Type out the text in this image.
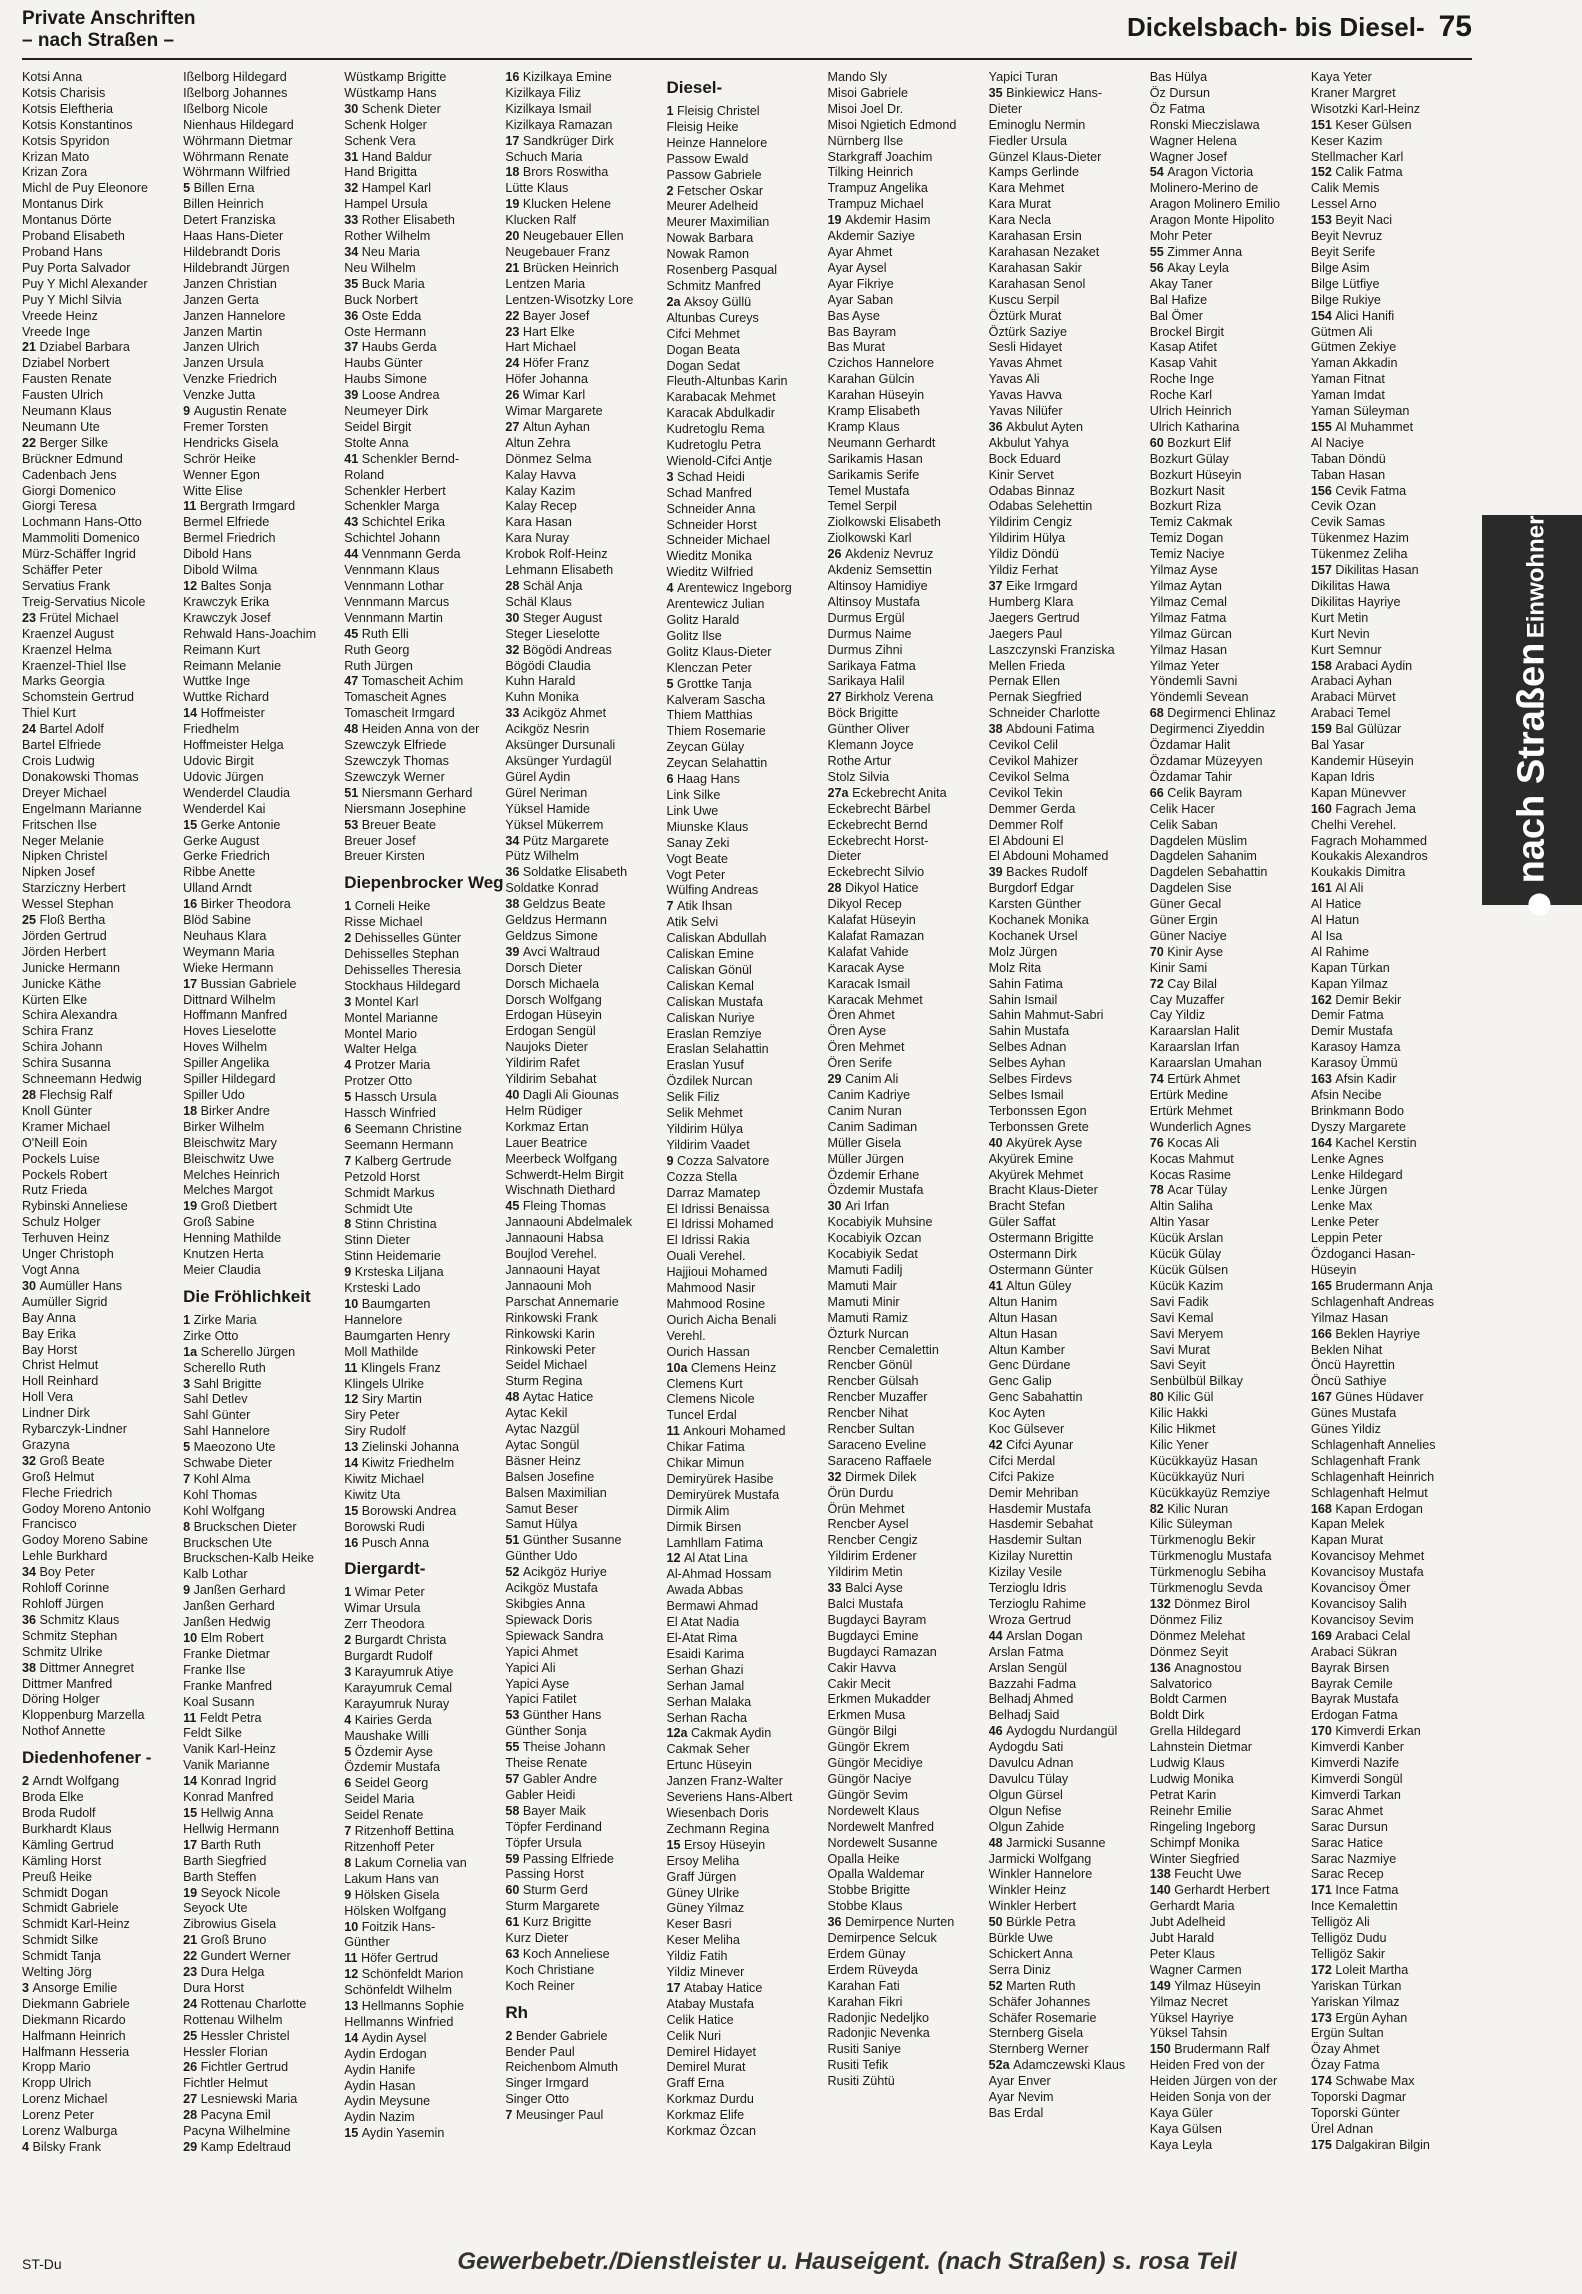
Private Anschriften
– nach Straßen –	Dickelsbach- bis Diesel- 75
Kotsi Anna
Kotsis Charisis
Kotsis Eleftheria
Kotsis Konstantinos
Kotsis Spyridon
Krizan Mato
Krizan Zora
Michl de Puy Eleonore
Montanus Dirk
Montanus Dörte
Proband Elisabeth
Proband Hans
Puy Porta Salvador
Puy Y Michl Alexander
Puy Y Michl Silvia
Vreede Heinz
Vreede Inge
21 Dziabel Barbara
Dziabel Norbert
Fausten Renate
Fausten Ulrich
Neumann Klaus
Neumann Ute
22 Berger Silke
Brückner Edmund
Cadenbach Jens
Giorgi Domenico
Giorgi Teresa
Lochmann Hans-Otto
Mammoliti Domenico
Mürz-Schäffer Ingrid
Schäffer Peter
Servatius Frank
Treig-Servatius Nicole
23 Frütel Michael
Kraenzel August
Kraenzel Helma
Kraenzel-Thiel Ilse
Marks Georgia
Schomstein Gertrud
Thiel Kurt
24 Bartel Adolf
Bartel Elfriede
Crois Ludwig
Donakowski Thomas
Dreyer Michael
Engelmann Marianne
Fritschen Ilse
Neger Melanie
Nipken Christel
Nipken Josef
Starziczny Herbert
Wessel Stephan
25 Floß Bertha
Jörden Gertrud
Jörden Herbert
Junicke Hermann
Junicke Käthe
Kürten Elke
Schira Alexandra
Schira Franz
Schira Johann
Schira Susanna
Schneemann Hedwig
28 Flechsig Ralf
Knoll Günter
Kramer Michael
O'Neill Eoin
Pockels Luise
Pockels Robert
Rutz Frieda
Rybinski Anneliese
Schulz Holger
Terhuven Heinz
Unger Christoph
Vogt Anna
30 Aumüller Hans
Aumüller Sigrid
Bay Anna
Bay Erika
Bay Horst
Christ Helmut
Holl Reinhard
Holl Vera
Lindner Dirk
Rybarczyk-Lindner
Grazyna
32 Groß Beate
Groß Helmut
Fleche Friedrich
Godoy Moreno Antonio
Francisco
Godoy Moreno Sabine
Lehle Burkhard
34 Boy Peter
Rohloff Corinne
Rohloff Jürgen
36 Schmitz Klaus
Schmitz Stephan
Schmitz Ulrike
38 Dittmer Annegret
Dittmer Manfred
Döring Holger
Kloppenburg Marzella
Nothof Annette
Diedenhofener -
2 Arndt Wolfgang
Broda Elke
Broda Rudolf
Burkhardt Klaus
Kämling Gertrud
Kämling Horst
Preuß Heike
Schmidt Dogan
Schmidt Gabriele
Schmidt Karl-Heinz
Schmidt Silke
Schmidt Tanja
Welting Jörg
3 Ansorge Emilie
Diekmann Gabriele
Diekmann Ricardo
Halfmann Heinrich
Halfmann Hesseria
Kropp Mario
Kropp Ulrich
Lorenz Michael
Lorenz Peter
Lorenz Walburga
4 Bilsky Frank
Ißelborg Hildegard
Ißelborg Johannes
Ißelborg Nicole
Nienhaus Hildegard
Wöhrmann Dietmar
Wöhrmann Renate
Wöhrmann Wilfried
5 Billen Erna
Billen Heinrich
Detert Franziska
Haas Hans-Dieter
Hildebrandt Doris
Hildebrandt Jürgen
Janzen Christian
Janzen Gerta
Janzen Hannelore
Janzen Martin
Janzen Ulrich
Janzen Ursula
Venzke Friedrich
Venzke Jutta
9 Augustin Renate
Fremer Torsten
Hendricks Gisela
Schrör Heike
Wenner Egon
Witte Elise
11 Bergrath Irmgard
Bermel Elfriede
Bermel Friedrich
Dibold Hans
Dibold Wilma
12 Baltes Sonja
Krawczyk Erika
Krawczyk Josef
Rehwald Hans-Joachim
Reimann Kurt
Reimann Melanie
Wuttke Inge
Wuttke Richard
14 Hoffmeister
Friedhelm
Hoffmeister Helga
Udovic Birgit
Udovic Jürgen
Wenderdel Claudia
Wenderdel Kai
15 Gerke Antonie
Gerke August
Gerke Friedrich
Ribbe Anette
Ulland Arndt
16 Birker Theodora
Blöd Sabine
Neuhaus Klara
Weymann Maria
Wieke Hermann
17 Bussian Gabriele
Dittnard Wilhelm
Hoffmann Manfred
Hoves Lieselotte
Hoves Wilhelm
Spiller Angelika
Spiller Hildegard
Spiller Udo
18 Birker Andre
Birker Wilhelm
Bleischwitz Mary
Bleischwitz Uwe
Melches Heinrich
Melches Margot
19 Groß Dietbert
Groß Sabine
Henning Mathilde
Knutzen Herta
Meier Claudia
Die Fröhlichkeit
1 Zirke Maria
Zirke Otto
1a Scherello Jürgen
Scherello Ruth
3 Sahl Brigitte
Sahl Detlev
Sahl Günter
Sahl Hannelore
5 Maeozono Ute
Schwabe Dieter
7 Kohl Alma
Kohl Thomas
Kohl Wolfgang
8 Bruckschen Dieter
Bruckschen Ute
Bruckschen-Kalb Heike
Kalb Lothar
9 Janßen Gerhard
Janßen Gerhard
Janßen Hedwig
10 Elm Robert
Franke Dietmar
Franke Ilse
Franke Manfred
Koal Susann
11 Feldt Petra
Feldt Silke
Vanik Karl-Heinz
Vanik Marianne
14 Konrad Ingrid
Konrad Manfred
15 Hellwig Anna
Hellwig Hermann
17 Barth Ruth
Barth Siegfried
Barth Steffen
19 Seyock Nicole
Seyock Ute
Zibrowius Gisela
21 Groß Bruno
22 Gundert Werner
23 Dura Helga
Dura Horst
24 Rottenau Charlotte
Rottenau Wilhelm
25 Hessler Christel
Hessler Florian
26 Fichtler Gertrud
Fichtler Helmut
27 Lesniewski Maria
28 Pacyna Emil
Pacyna Wilhelmine
29 Kamp Edeltraud
Wüstkamp Brigitte
Wüstkamp Hans
30 Schenk Dieter
Schenk Holger
Schenk Vera
31 Hand Baldur
Hand Brigitta
32 Hampel Karl
Hampel Ursula
33 Rother Elisabeth
Rother Wilhelm
34 Neu Maria
Neu Wilhelm
35 Buck Maria
Buck Norbert
36 Oste Edda
Oste Hermann
37 Haubs Gerda
Haubs Günter
Haubs Simone
39 Loose Andrea
Neumeyer Dirk
Seidel Birgit
Stolte Anna
41 Schenkler Bernd-
Roland
Schenkler Herbert
Schenkler Marga
43 Schichtel Erika
Schichtel Johann
44 Vennmann Gerda
Vennmann Klaus
Vennmann Lothar
Vennmann Marcus
Vennmann Martin
45 Ruth Elli
Ruth Georg
Ruth Jürgen
47 Tomascheit Achim
Tomascheit Agnes
Tomascheit Irmgard
48 Heiden Anna von der
Szewczyk Elfriede
Szewczyk Thomas
Szewczyk Werner
51 Niersmann Gerhard
Niersmann Josephine
53 Breuer Beate
Breuer Josef
Breuer Kirsten
Diepenbrocker Weg
1 Corneli Heike
Risse Michael
2 Dehisselles Günter
Dehisselles Stephan
Dehisselles Theresia
Stockhaus Hildegard
3 Montel Karl
Montel Marianne
Montel Mario
Walter Helga
4 Protzer Maria
Protzer Otto
5 Hassch Ursula
Hassch Winfried
6 Seemann Christine
Seemann Hermann
7 Kalberg Gertrude
Petzold Horst
Schmidt Markus
Schmidt Ute
8 Stinn Christina
Stinn Dieter
Stinn Heidemarie
9 Krsteska Liljana
Krsteski Lado
10 Baumgarten
Hannelore
Baumgarten Henry
Moll Mathilde
11 Klingels Franz
Klingels Ulrike
12 Siry Martin
Siry Peter
Siry Rudolf
13 Zielinski Johanna
14 Kiwitz Friedhelm
Kiwitz Michael
Kiwitz Uta
15 Borowski Andrea
Borowski Rudi
16 Pusch Anna
Diergardt-
1 Wimar Peter
Wimar Ursula
Zerr Theodora
2 Burgardt Christa
Burgardt Rudolf
3 Karayumruk Atiye
Karayumruk Cemal
Karayumruk Nuray
4 Kairies Gerda
Maushake Willi
5 Özdemir Ayse
Özdemir Mustafa
6 Seidel Georg
Seidel Maria
Seidel Renate
7 Ritzenhoff Bettina
Ritzenhoff Peter
8 Lakum Cornelia van
Lakum Hans van
9 Hölsken Gisela
Hölsken Wolfgang
10 Foitzik Hans-
Günther
11 Höfer Gertrud
12 Schönfeldt Marion
Schönfeldt Wilhelm
13 Hellmanns Sophie
Hellmanns Winfried
14 Aydin Aysel
Aydin Erdogan
Aydin Hanife
Aydin Hasan
Aydin Meysune
Aydin Nazim
15 Aydin Yasemin
16 Kizilkaya Emine
Kizilkaya Filiz
Kizilkaya Ismail
Kizilkaya Ramazan
17 Sandkrüger Dirk
Schuch Maria
18 Brors Roswitha
Lütte Klaus
19 Klucken Helene
Klucken Ralf
20 Neugebauer Ellen
Neugebauer Franz
21 Brücken Heinrich
Lentzen Maria
Lentzen-Wisotzky Lore
22 Bayer Josef
23 Hart Elke
Hart Michael
24 Höfer Franz
Höfer Johanna
26 Wimar Karl
Wimar Margarete
27 Altun Ayhan
Altun Zehra
Dönmez Selma
Kalay Havva
Kalay Kazim
Kalay Recep
Kara Hasan
Kara Nuray
Krobok Rolf-Heinz
Lehmann Elisabeth
28 Schäl Anja
Schäl Klaus
30 Steger August
Steger Lieselotte
32 Bögödi Andreas
Bögödi Claudia
Kuhn Harald
Kuhn Monika
33 Acikgöz Ahmet
Acikgöz Nesrin
Aksünger Dursunali
Aksünger Yurdagül
Gürel Aydin
Gürel Neriman
Yüksel Hamide
Yüksel Mükerrem
34 Pütz Margarete
Pütz Wilhelm
36 Soldatke Elisabeth
Soldatke Konrad
38 Geldzus Beate
Geldzus Hermann
Geldzus Simone
39 Avci Waltraud
Dorsch Dieter
Dorsch Michaela
Dorsch Wolfgang
Erdogan Hüseyin
Erdogan Sengül
Naujoks Dieter
Yildirim Rafet
Yildirim Sebahat
40 Dagli Ali Giounas
Helm Rüdiger
Korkmaz Ertan
Lauer Beatrice
Meerbeck Wolfgang
Schwerdt-Helm Birgit
Wischnath Diethard
45 Fleing Thomas
Jannaouni Abdelmalek
Jannaouni Habsa
Boujlod Verehel.
Jannaouni Hayat
Jannaouni Moh
Parschat Annemarie
Rinkowski Frank
Rinkowski Karin
Rinkowski Peter
Seidel Michael
Sturm Regina
48 Aytac Hatice
Aytac Kekil
Aytac Nazgül
Aytac Songül
Bäsner Heinz
Balsen Josefine
Balsen Maximilian
Samut Beser
Samut Hülya
51 Günther Susanne
Günther Udo
52 Acikgöz Huriye
Acikgöz Mustafa
Skibgies Anna
Spiewack Doris
Spiewack Sandra
Yapici Ahmet
Yapici Ali
Yapici Ayse
Yapici Fatilet
53 Günther Hans
Günther Sonja
55 Theise Johann
Theise Renate
57 Gabler Andre
Gabler Heidi
58 Bayer Maik
Töpfer Ferdinand
Töpfer Ursula
59 Passing Elfriede
Passing Horst
60 Sturm Gerd
Sturm Margarete
61 Kurz Brigitte
Kurz Dieter
63 Koch Anneliese
Koch Christiane
Koch Reiner
Rh
2 Bender Gabriele
Bender Paul
Reichenbom Almuth
Singer Irmgard
Singer Otto
7 Meusinger Paul
Diesel-
1 Fleisig Christel
Fleisig Heike
Heinze Hannelore
Passow Ewald
Passow Gabriele
2 Fetscher Oskar
Meurer Adelheid
Meurer Maximilian
Nowak Barbara
Nowak Ramon
Rosenberg Pasqual
Schmitz Manfred
2a Aksoy Güllü
Altunbas Cureys
Cifci Mehmet
Dogan Beata
Dogan Sedat
Fleuth-Altunbas Karin
Karabacak Mehmet
Karacak Abdulkadir
Kudretoglu Rema
Kudretoglu Petra
Wienold-Cifci Antje
3 Schad Heidi
Schad Manfred
Schneider Anna
Schneider Horst
Schneider Michael
Wieditz Monika
Wieditz Wilfried
4 Arentewicz Ingeborg
Arentewicz Julian
Golitz Harald
Golitz Ilse
Golitz Klaus-Dieter
Klenczan Peter
5 Grottke Tanja
Kalveram Sascha
Thiem Matthias
Thiem Rosemarie
Zeycan Gülay
Zeycan Selahattin
6 Haag Hans
Link Silke
Link Uwe
Miunske Klaus
Sanay Zeki
Vogt Beate
Vogt Peter
Wülfing Andreas
7 Atik Ihsan
Atik Selvi
Caliskan Abdullah
Caliskan Emine
Caliskan Gönül
Caliskan Kemal
Caliskan Mustafa
Caliskan Nuriye
Eraslan Remziye
Eraslan Selahattin
Eraslan Yusuf
Özdilek Nurcan
Selik Filiz
Selik Mehmet
Yildirim Hülya
Yildirim Vaadet
9 Cozza Salvatore
Cozza Stella
Darraz Mamatep
El Idrissi Benaissa
El Idrissi Mohamed
El Idrissi Rakia
Ouali Verehel.
Hajjioui Mohamed
Mahmood Nasir
Mahmood Rosine
Ourich Aicha Benali
Verehl.
Ourich Hassan
10a Clemens Heinz
Clemens Kurt
Clemens Nicole
Tuncel Erdal
11 Ankouri Mohamed
Chikar Fatima
Chikar Mimun
Demiryürek Hasibe
Demiryürek Mustafa
Dirmik Alim
Dirmik Birsen
Lamhllam Fatima
12 Al Atat Lina
Al-Ahmad Hossam
Awada Abbas
Bermawi Ahmad
El Atat Nadia
El-Atat Rima
Esaidi Karima
Serhan Ghazi
Serhan Jamal
Serhan Malaka
Serhan Racha
12a Cakmak Aydin
Cakmak Seher
Ertunc Hüseyin
Janzen Franz-Walter
Severiens Hans-Albert
Wiesenbach Doris
Zechmann Regina
15 Ersoy Hüseyin
Ersoy Meliha
Graff Jürgen
Güney Ulrike
Güney Yilmaz
Keser Basri
Keser Meliha
Yildiz Fatih
Yildiz Minever
17 Atabay Hatice
Atabay Mustafa
Celik Hatice
Celik Nuri
Demirel Hidayet
Demirel Murat
Graff Erna
Korkmaz Durdu
Korkmaz Elife
Korkmaz Özcan
Mando Sly
Misoi Gabriele
Misoi Joel Dr.
Misoi Ngietich Edmond
Nürnberg Ilse
Starkgraff Joachim
Tilking Heinrich
Trampuz Angelika
Trampuz Michael
19 Akdemir Hasim
Akdemir Saziye
Ayar Ahmet
Ayar Aysel
Ayar Fikriye
Ayar Saban
Bas Ayse
Bas Bayram
Bas Murat
Czichos Hannelore
Karahan Gülcin
Karahan Hüseyin
Kramp Elisabeth
Kramp Klaus
Neumann Gerhardt
Sarikamis Hasan
Sarikamis Serife
Temel Mustafa
Temel Serpil
Ziolkowski Elisabeth
Ziolkowski Karl
26 Akdeniz Nevruz
Akdeniz Semsettin
Altinsoy Hamidiye
Altinsoy Mustafa
Durmus Ergül
Durmus Naime
Durmus Zihni
Sarikaya Fatma
Sarikaya Halil
27 Birkholz Verena
Böck Brigitte
Günther Oliver
Klemann Joyce
Rothe Artur
Stolz Silvia
27a Eckebrecht Anita
Eckebrecht Bärbel
Eckebrecht Bernd
Eckebrecht Horst-
Dieter
Eckebrecht Silvio
28 Dikyol Hatice
Dikyol Recep
Kalafat Hüseyin
Kalafat Ramazan
Kalafat Vahide
Karacak Ayse
Karacak Ismail
Karacak Mehmet
Ören Ahmet
Ören Ayse
Ören Mehmet
Ören Serife
29 Canim Ali
Canim Kadriye
Canim Nuran
Canim Sadiman
Müller Gisela
Müller Jürgen
Özdemir Erhane
Özdemir Mustafa
30 Ari Irfan
Kocabiyik Muhsine
Kocabiyik Ozcan
Kocabiyik Sedat
Mamuti Fadilj
Mamuti Mair
Mamuti Minir
Mamuti Ramiz
Özturk Nurcan
Rencber Cemalettin
Rencber Gönül
Rencber Gülsah
Rencber Muzaffer
Rencber Nihat
Rencber Sultan
Saraceno Eveline
Saraceno Raffaele
32 Dirmek Dilek
Örün Durdu
Örün Mehmet
Rencber Aysel
Rencber Cengiz
Yildirim Erdener
Yildirim Metin
33 Balci Ayse
Balci Mustafa
Bugdayci Bayram
Bugdayci Emine
Bugdayci Ramazan
Cakir Havva
Cakir Mecit
Erkmen Mukadder
Erkmen Musa
Güngör Bilgi
Güngör Ekrem
Güngör Mecidiye
Güngör Naciye
Güngör Sevim
Nordewelt Klaus
Nordewelt Manfred
Nordewelt Susanne
Opalla Heike
Opalla Waldemar
Stobbe Brigitte
Stobbe Klaus
36 Demirpence Nurten
Demirpence Selcuk
Erdem Günay
Erdem Rüveyda
Karahan Fati
Karahan Fikri
Radonjic Nedeljko
Radonjic Nevenka
Rusiti Saniye
Rusiti Tefik
Rusiti Zühtü
Yapici Turan
35 Binkiewicz Hans-
Dieter
Eminoglu Nermin
Fiedler Ursula
Günzel Klaus-Dieter
Kamps Gerlinde
Kara Mehmet
Kara Murat
Kara Necla
Karahasan Ersin
Karahasan Nezaket
Karahasan Sakir
Karahasan Senol
Kuscu Serpil
Öztürk Murat
Öztürk Saziye
Sesli Hidayet
Yavas Ahmet
Yavas Ali
Yavas Havva
Yavas Nilüfer
36 Akbulut Ayten
Akbulut Yahya
Bock Eduard
Kinir Servet
Odabas Binnaz
Odabas Selehettin
Yildirim Cengiz
Yildirim Hülya
Yildiz Döndü
Yildiz Ferhat
37 Eike Irmgard
Humberg Klara
Jaegers Gertrud
Jaegers Paul
Laszczynski Franziska
Mellen Frieda
Pernak Ellen
Pernak Siegfried
Schneider Charlotte
38 Abdouni Fatima
Cevikol Celil
Cevikol Mahizer
Cevikol Selma
Cevikol Tekin
Demmer Gerda
Demmer Rolf
El Abdouni El
El Abdouni Mohamed
39 Backes Rudolf
Burgdorf Edgar
Karsten Günther
Kochanek Monika
Kochanek Ursel
Molz Jürgen
Molz Rita
Sahin Fatima
Sahin Ismail
Sahin Mahmut-Sabri
Sahin Mustafa
Selbes Adnan
Selbes Ayhan
Selbes Firdevs
Selbes Ismail
Terbonssen Egon
Terbonssen Grete
40 Akyürek Ayse
Akyürek Emine
Akyürek Mehmet
Bracht Klaus-Dieter
Bracht Stefan
Güler Saffat
Ostermann Brigitte
Ostermann Dirk
Ostermann Günter
41 Altun Güley
Altun Hanim
Altun Hasan
Altun Hasan
Altun Kamber
Genc Dürdane
Genc Galip
Genc Sabahattin
Koc Ayten
Koc Gülsever
42 Cifci Ayunar
Cifci Merdal
Cifci Pakize
Demir Mehriban
Hasdemir Mustafa
Hasdemir Sebahat
Hasdemir Sultan
Kizilay Nurettin
Kizilay Vesile
Terzioglu Idris
Terzioglu Rahime
Wroza Gertrud
44 Arslan Dogan
Arslan Fatma
Arslan Sengül
Bazzahi Fadma
Belhadj Ahmed
Belhadj Said
46 Aydogdu Nurdangül
Aydogdu Sati
Davulcu Adnan
Davulcu Tülay
Olgun Gürsel
Olgun Nefise
Olgun Zahide
48 Jarmicki Susanne
Jarmicki Wolfgang
Winkler Hannelore
Winkler Heinz
Winkler Herbert
50 Bürkle Petra
Bürkle Uwe
Schickert Anna
Serra Diniz
52 Marten Ruth
Schäfer Johannes
Schäfer Rosemarie
Sternberg Gisela
Sternberg Werner
52a Adamczewski Klaus
Ayar Enver
Ayar Nevim
Bas Erdal
Bas Hülya
Öz Dursun
Öz Fatma
Ronski Mieczislawa
Wagner Helena
Wagner Josef
54 Aragon Victoria
Molinero-Merino de
Aragon Molinero Emilio
Aragon Monte Hipolito
Mohr Peter
55 Zimmer Anna
56 Akay Leyla
Akay Taner
Bal Hafize
Bal Ömer
Brockel Birgit
Kasap Atifet
Kasap Vahit
Roche Inge
Roche Karl
Ulrich Heinrich
Ulrich Katharina
60 Bozkurt Elif
Bozkurt Gülay
Bozkurt Hüseyin
Bozkurt Nasit
Bozkurt Riza
Temiz Cakmak
Temiz Dogan
Temiz Naciye
Yilmaz Ayse
Yilmaz Aytan
Yilmaz Cemal
Yilmaz Fatma
Yilmaz Gürcan
Yilmaz Hasan
Yilmaz Yeter
Yöndemli Savni
Yöndemli Sevean
68 Degirmenci Ehlinaz
Degirmenci Ziyeddin
Özdamar Halit
Özdamar Müzeyyen
Özdamar Tahir
66 Celik Bayram
Celik Hacer
Celik Saban
Dagdelen Müslim
Dagdelen Sahanim
Dagdelen Sebahattin
Dagdelen Sise
Güner Gecal
Güner Ergin
Güner Naciye
70 Kinir Ayse
Kinir Sami
72 Cay Bilal
Cay Muzaffer
Cay Yildiz
Karaarslan Halit
Karaarslan Irfan
Karaarslan Umahan
74 Ertürk Ahmet
Ertürk Medine
Ertürk Mehmet
Wunderlich Agnes
76 Kocas Ali
Kocas Mahmut
Kocas Rasime
78 Acar Tülay
Altin Saliha
Altin Yasar
Kücük Arslan
Kücük Gülay
Kücük Gülsen
Kücük Kazim
Savi Fadik
Savi Kemal
Savi Meryem
Savi Murat
Savi Seyit
Senbülbül Bilkay
80 Kilic Gül
Kilic Hakki
Kilic Hikmet
Kilic Yener
Kücükkayüz Hasan
Kücükkayüz Nuri
Kücükkayüz Remziye
82 Kilic Nuran
Kilic Süleyman
Türkmenoglu Bekir
Türkmenoglu Mustafa
Türkmenoglu Sebiha
Türkmenoglu Sevda
132 Dönmez Birol
Dönmez Filiz
Dönmez Melehat
Dönmez Seyit
136 Anagnostou
Salvatorico
Boldt Carmen
Boldt Dirk
Grella Hildegard
Lahnstein Dietmar
Ludwig Klaus
Ludwig Monika
Petrat Karin
Reinehr Emilie
Ringeling Ingeborg
Schimpf Monika
Winter Siegfried
138 Feucht Uwe
140 Gerhardt Herbert
Gerhardt Maria
Jubt Adelheid
Jubt Harald
Peter Klaus
Wagner Carmen
149 Yilmaz Hüseyin
Yilmaz Necret
Yüksel Hayriye
Yüksel Tahsin
150 Brudermann Ralf
Heiden Fred von der
Heiden Jürgen von der
Heiden Sonja von der
Kaya Güler
Kaya Gülsen
Kaya Leyla
Kaya Yeter
Kraner Margret
Wisotzki Karl-Heinz
151 Keser Gülsen
Keser Kazim
Stellmacher Karl
152 Calik Fatma
Calik Memis
Lessel Arno
153 Beyit Naci
Beyit Nevruz
Beyit Serife
Bilge Asim
Bilge Lütfiye
Bilge Rukiye
154 Alici Hanifi
Gütmen Ali
Gütmen Zekiye
Yaman Akkadin
Yaman Fitnat
Yaman Imdat
Yaman Süleyman
155 Al Muhammet
Al Naciye
Taban Döndü
Taban Hasan
156 Cevik Fatma
Cevik Ozan
Cevik Samas
Tükenmez Hazim
Tükenmez Zeliha
157 Dikilitas Hasan
Dikilitas Hawa
Dikilitas Hayriye
Kurt Metin
Kurt Nevin
Kurt Semnur
158 Arabaci Aydin
Arabaci Ayhan
Arabaci Mürvet
Arabaci Temel
159 Bal Gülüzar
Bal Yasar
Kandemir Hüseyin
Kapan Idris
Kapan Münevver
160 Fagrach Jema
Chelhi Verehel.
Fagrach Mohammed
Koukakis Alexandros
Koukakis Dimitra
161 Al Ali
Al Hatice
Al Hatun
Al Isa
Al Rahime
Kapan Türkan
Kapan Yilmaz
162 Demir Bekir
Demir Fatma
Demir Mustafa
Karasoy Hamza
Karasoy Ümmü
163 Afsin Kadir
Afsin Necibe
Brinkmann Bodo
Dyszy Margarete
164 Kachel Kerstin
Lenke Agnes
Lenke Hildegard
Lenke Jürgen
Lenke Max
Lenke Peter
Leppin Peter
Özdoganci Hasan-
Hüseyin
165 Brudermann Anja
Schlagenhaft Andreas
Yilmaz Hasan
166 Beklen Hayriye
Beklen Nihat
Öncü Hayrettin
Öncü Sathiye
167 Günes Hüdaver
Günes Mustafa
Günes Yildiz
Schlagenhaft Annelies
Schlagenhaft Frank
Schlagenhaft Heinrich
Schlagenhaft Helmut
168 Kapan Erdogan
Kapan Melek
Kapan Murat
Kovancisoy Mehmet
Kovancisoy Mustafa
Kovancisoy Ömer
Kovancisoy Salih
Kovancisoy Sevim
169 Arabaci Celal
Arabaci Sükran
Bayrak Birsen
Bayrak Cemile
Bayrak Mustafa
Erdogan Fatma
170 Kimverdi Erkan
Kimverdi Kanber
Kimverdi Nazife
Kimverdi Songül
Kimverdi Tarkan
Sarac Ahmet
Sarac Dursun
Sarac Hatice
Sarac Nazmiye
Sarac Recep
171 Ince Fatma
Ince Kemalettin
Telligöz Ali
Telligöz Dudu
Telligöz Sakir
172 Loleit Martha
Yariskan Türkan
Yariskan Yilmaz
173 Ergün Ayhan
Ergün Sultan
Özay Ahmet
Özay Fatma
174 Schwabe Max
Toporski Dagmar
Toporski Günter
Ürel Adnan
175 Dalgakiran Bilgin
nach Straßen Einwohner
ST-Du	Gewerbebetr./Dienstleister u. Hauseigent. (nach Straßen) s. rosa Teil
